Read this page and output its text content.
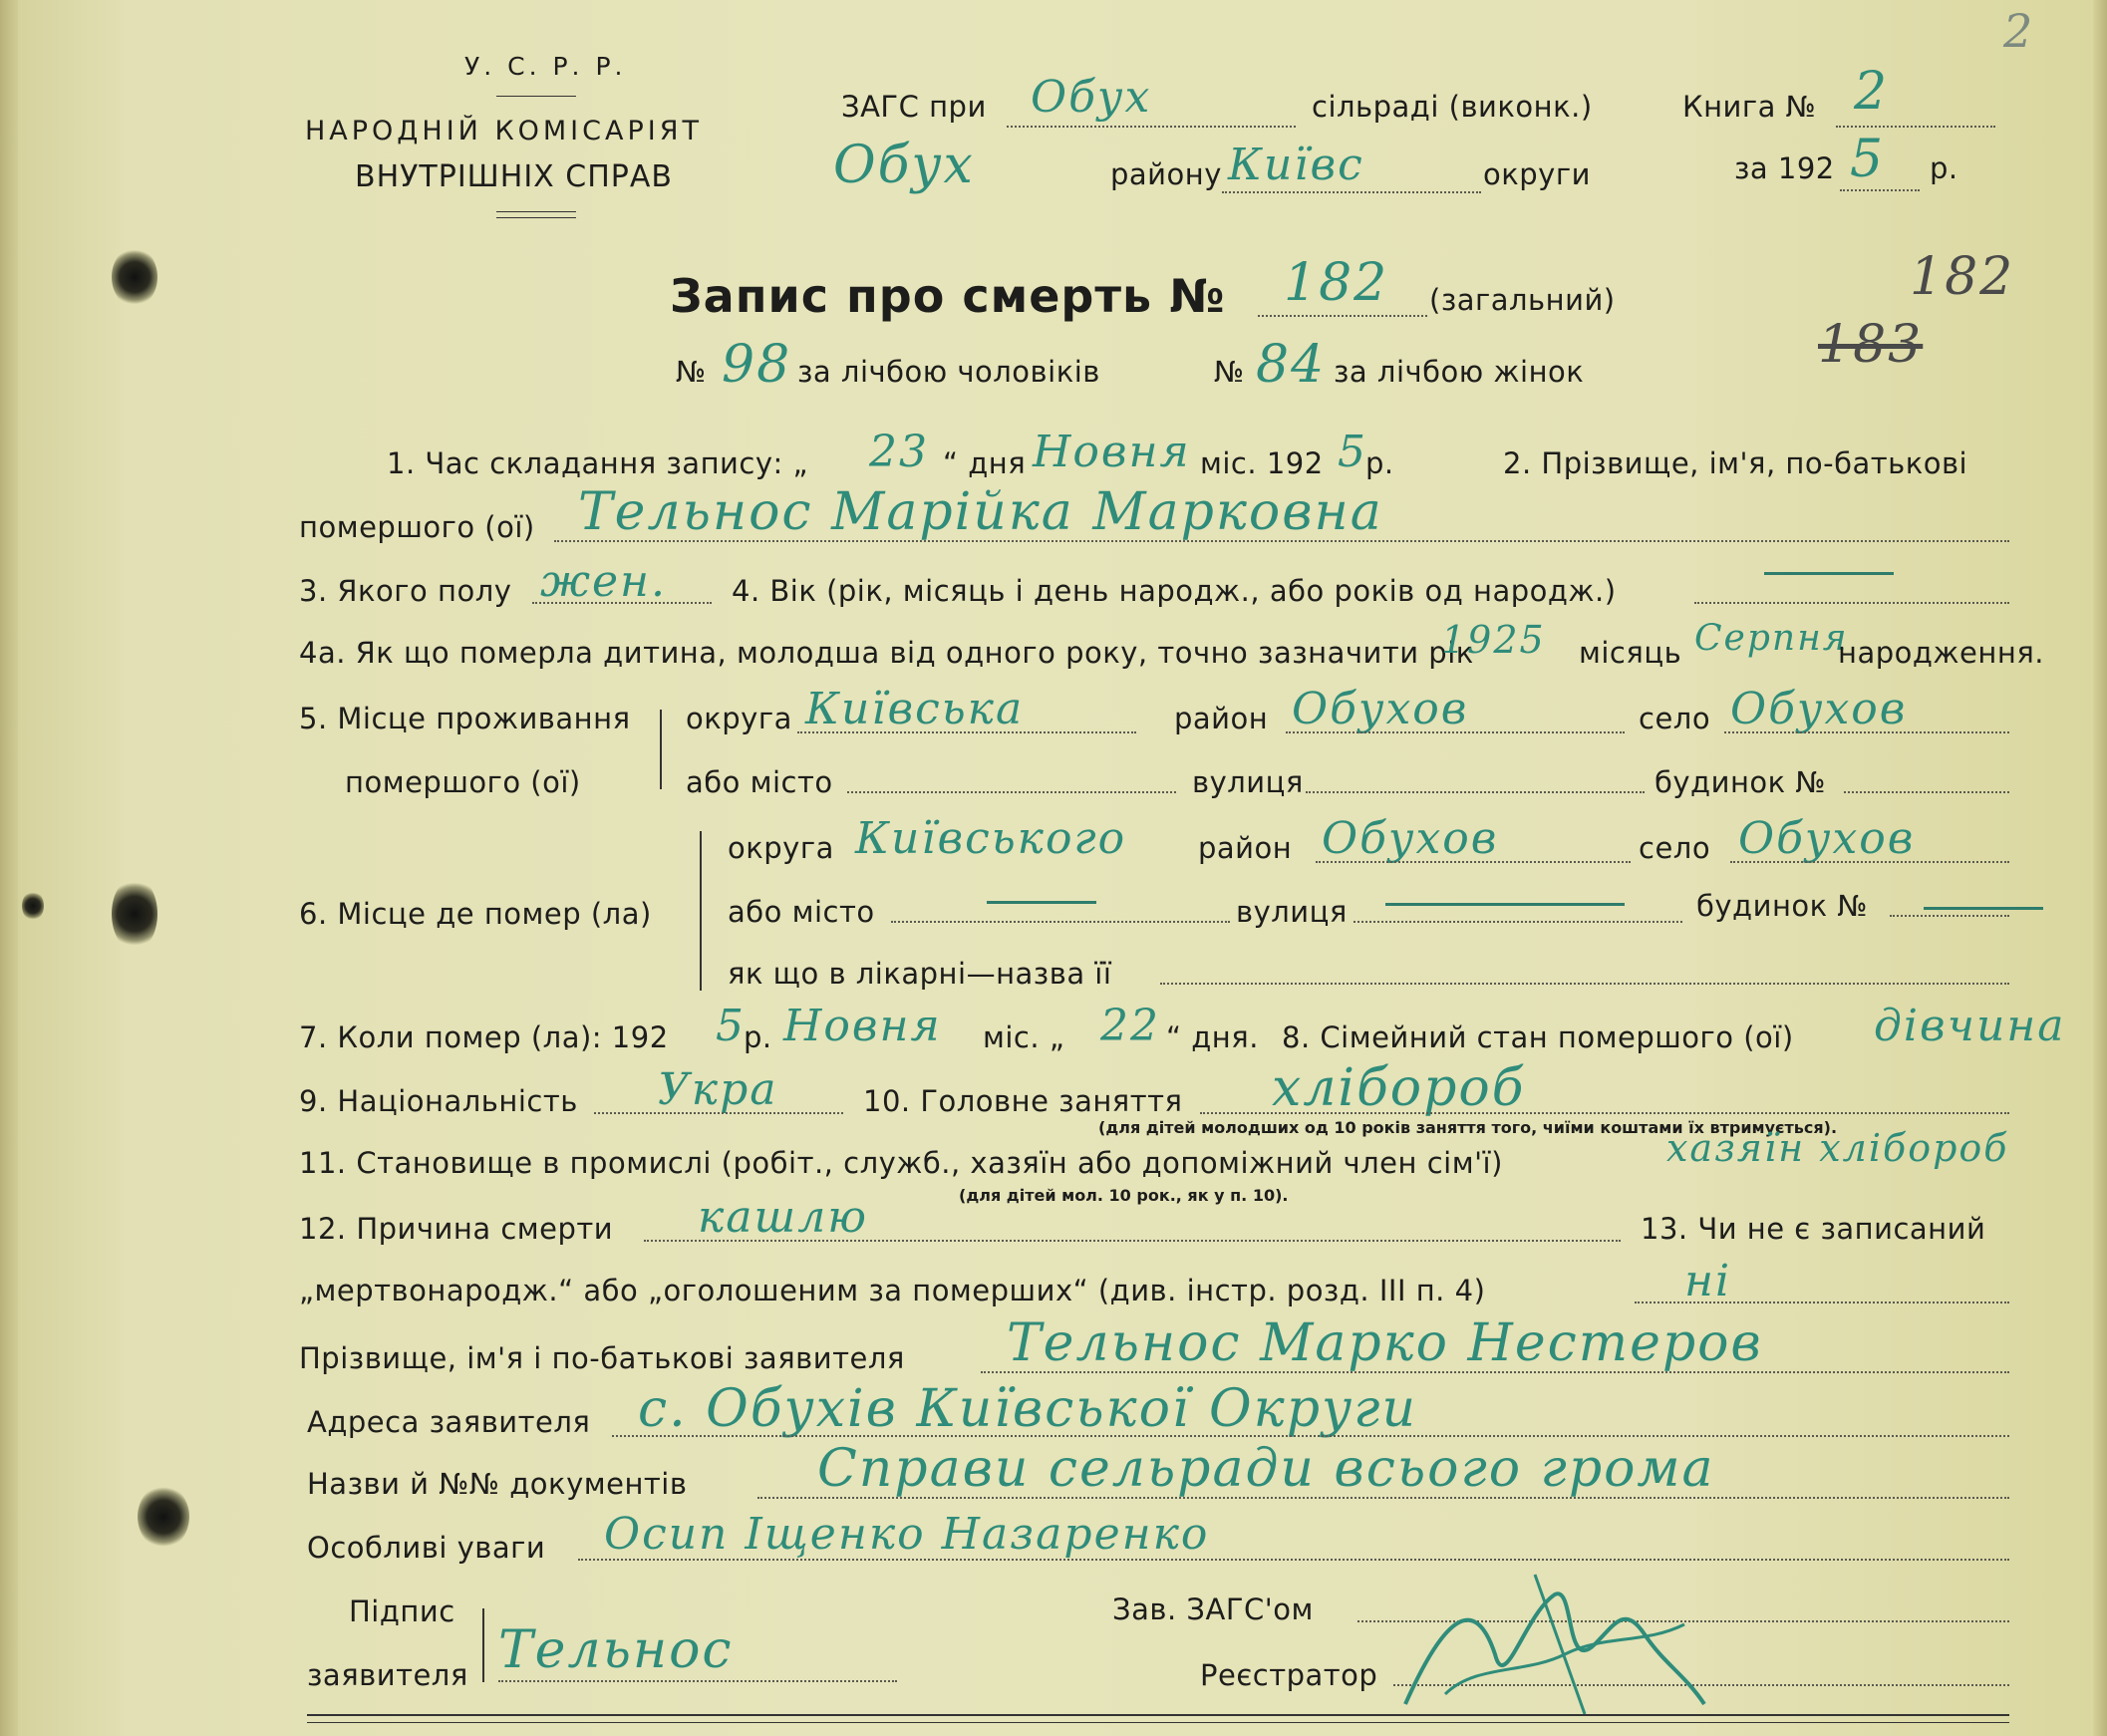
2
У. С. Р. Р.
НАРОДНІЙ КОМІСАРІЯТ
ВНУТРІШНІХ СПРАВ
ЗАГС при Обух	сільраді (виконк.)	Книга № 2
Обух	району Київс	округи	за 192 5 р.
Запис про смерть № 182 (загальний)	182
183
№ 98 за лічбою чоловіків	№ 84 за лічбою жінок
1. Час складання запису: „ 23 “ дня Новня міс. 192 5
р.	2. Прізвище, ім'я, по-батькові
помершого (ої) Тельнос Марійка Марковна
3. Якого полу жен. 4. Вік (рік, місяць і день народж., або років од народж.)
4а. Як що померла дитина, молодша від одного року, точно зазначити рік
1925 місяць Серпня
народження.
5. Місце проживання
помершого (ої)
округа Київська	район Обухов	село Обухов
або місто	вулиця	будинок №
округа Київського район Обухов	село Обухов
6. Місце де помер (ла)	або місто	вулиця	будинок №
як що в лікарні—назва її
7. Коли помер (ла): 192 5
р. Новня міс. „ 22 “ дня. 8. Сімейний стан помершого (ої) дівчина
9. Національність Укра	10. Головне заняття хлібороб
(для дітей молодших од 10 років заняття того, чиїми коштами їх втримується).
11. Становище в промислі (робіт., служб., хазяїн або допоміжний член сім'ї)	хазяїн хлібороб
(для дітей мол. 10 рок., як у п. 10).
12. Причина смерти кашлю	13. Чи не є записаний
„мертвонародж.“ або „оголошеним за померших“ (див. інстр. розд. III п. 4)	ні
Прізвище, ім'я і по-батькові заявителя Тельнос Марко Нестеров
Адреса заявителя с. Обухів Київської Округи
Назви й №№ документів	Справи сельради всього грома
Особливі уваги Осип Іщенко Назаренко
Підпис
заявителя Тельнос
Зав. ЗАГС'ом
Реєстратор
